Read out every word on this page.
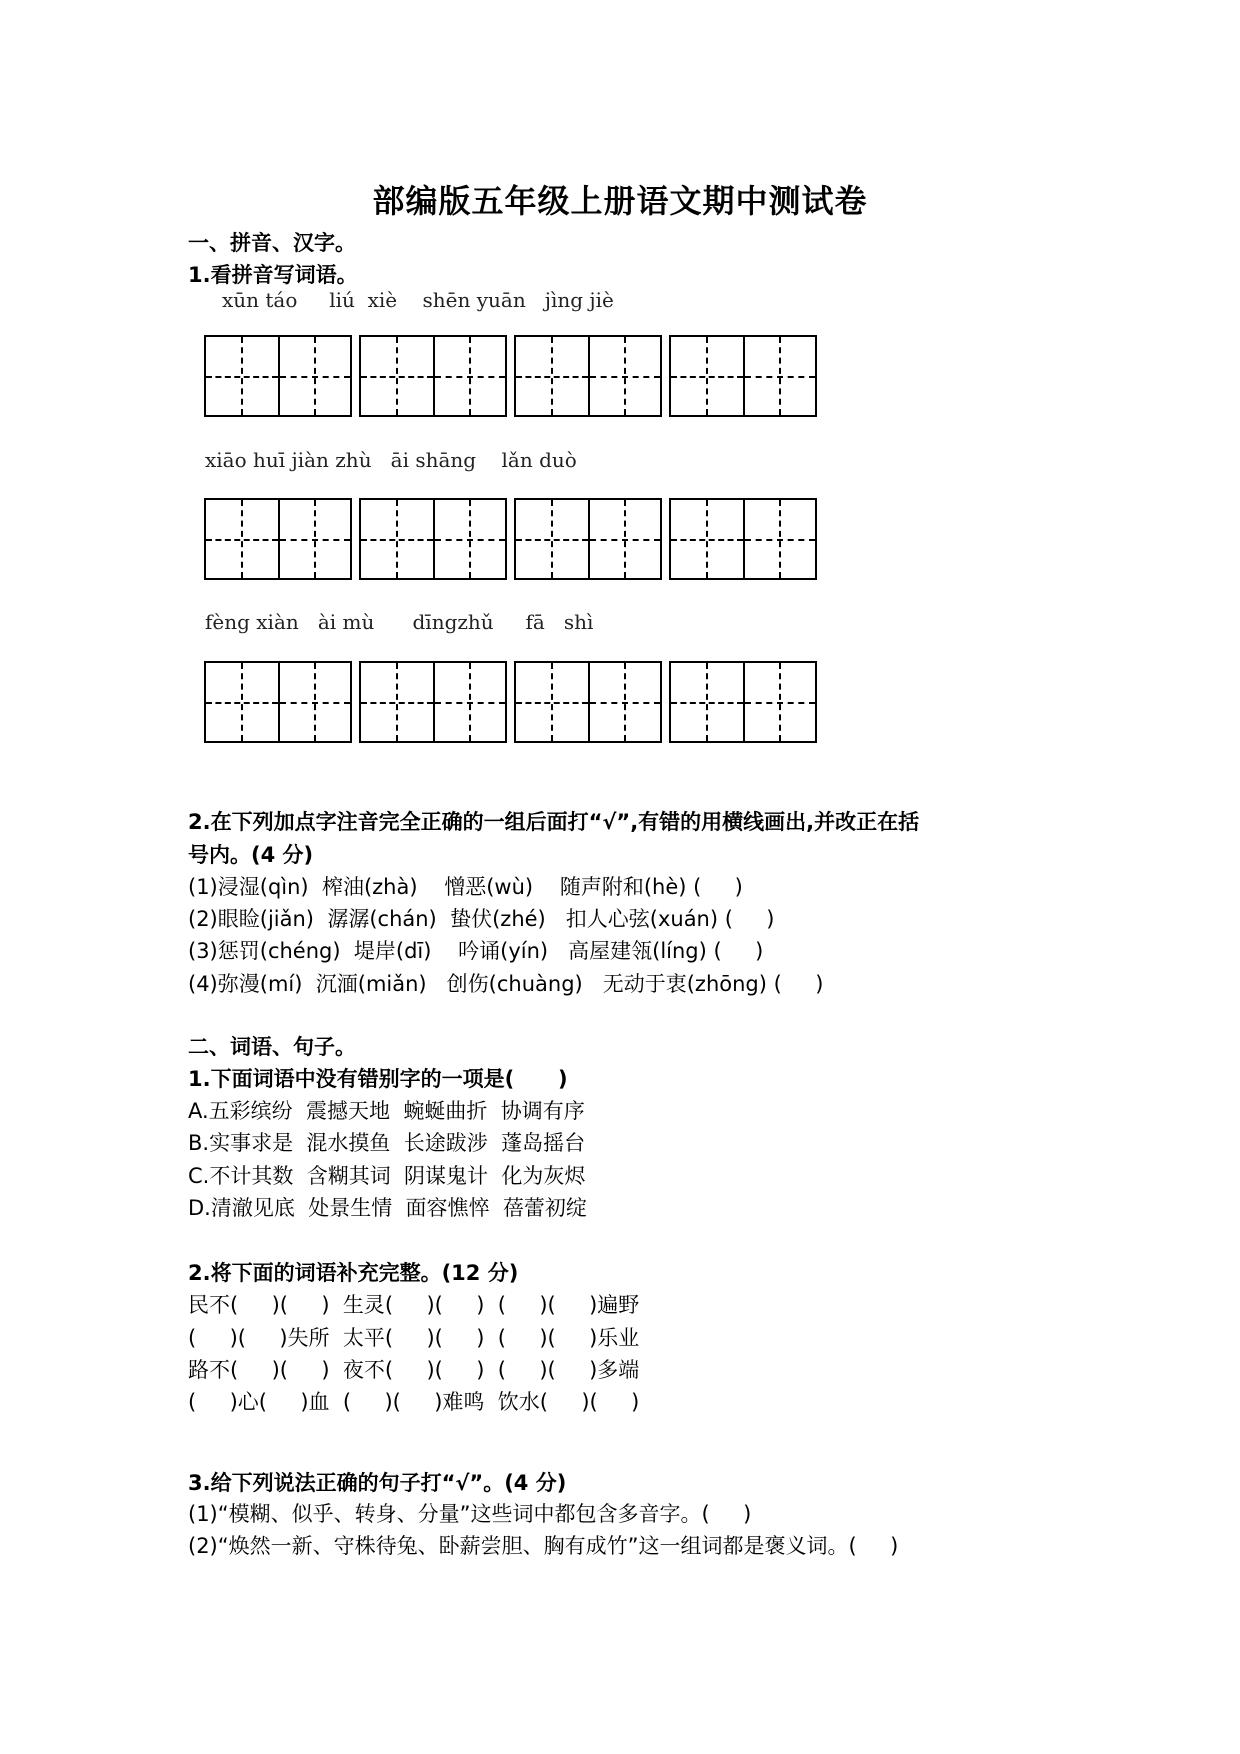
部编版五年级上册语文期中测试卷
一、拼音、汉字。
1.看拼音写词语。
xūn táo     liú  xiè    shēn yuān   jìng jiè
xiāo huī jiàn zhù   āi shāng    lǎn duò
fèng xiàn   ài mù      dīngzhǔ     fā   shì
2.在下列加点字注音完全正确的一组后面打“√”,有错的用横线画出,并改正在括
号内。(4 分)
(1)浸湿(qìn)  榨油(zhà)    憎恶(wù)    随声附和(hè) (     )
(2)眼睑(jiǎn)  潺潺(chán)  蛰伏(zhé)   扣人心弦(xuán) (     )
(3)惩罚(chéng)  堤岸(dī)    吟诵(yín)   高屋建瓴(líng) (     )
(4)弥漫(mí)  沉湎(miǎn)   创伤(chuàng)   无动于衷(zhōng) (     )
二、词语、句子。
1.下面词语中没有错别字的一项是(      )
A.五彩缤纷  震撼天地  蜿蜒曲折  协调有序
B.实事求是  混水摸鱼  长途跋涉  蓬岛摇台
C.不计其数  含糊其词  阴谋鬼计  化为灰烬
D.清澈见底  处景生情  面容憔悴  蓓蕾初绽
2.将下面的词语补充完整。(12 分)
民不(     )(     )  生灵(     )(     )  (     )(     )遍野
(     )(     )失所  太平(     )(     )  (     )(     )乐业
路不(     )(     )  夜不(     )(     )  (     )(     )多端
(     )心(     )血  (     )(     )难鸣  饮水(     )(     )
3.给下列说法正确的句子打“√”。(4 分)
(1)“模糊、似乎、转身、分量”这些词中都包含多音字。(     )
(2)“焕然一新、守株待兔、卧薪尝胆、胸有成竹”这一组词都是褒义词。(     )
